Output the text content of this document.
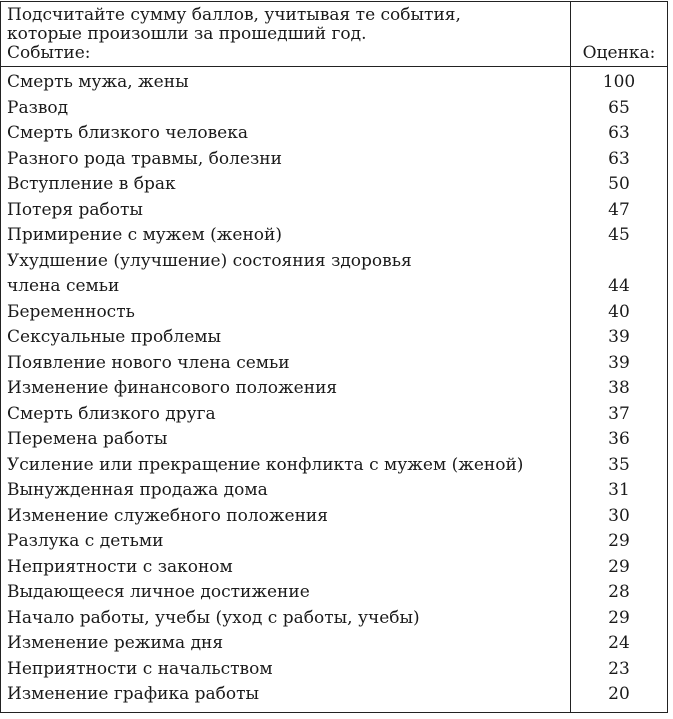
Подсчитайте сумму баллов, учитывая те события,
которые произошли за прошедший год.
Событие:	Оценка:
Смерть мужа, жены
Развод
Смерть близкого человека
Разного рода травмы, болезни
Вступление в брак
Потеря работы
Примирение с мужем (женой)
Ухудшение (улучшение) состояния здоровья
члена семьи
Беременность
Сексуальные проблемы
Появление нового члена семьи
Изменение финансового положения
Смерть близкого друга
Перемена работы
Усиление или прекращение конфликта с мужем (женой)
Вынужденная продажа дома
Изменение служебного положения
Разлука с детьми
Неприятности с законом
Выдающееся личное достижение
Начало работы, учебы (уход с работы, учебы)
Изменение режима дня
Неприятности с начальством
Изменение графика работы
100
65
63
63
50
47
45
44
40
39
39
38
37
36
35
31
30
29
29
28
29
24
23
20
